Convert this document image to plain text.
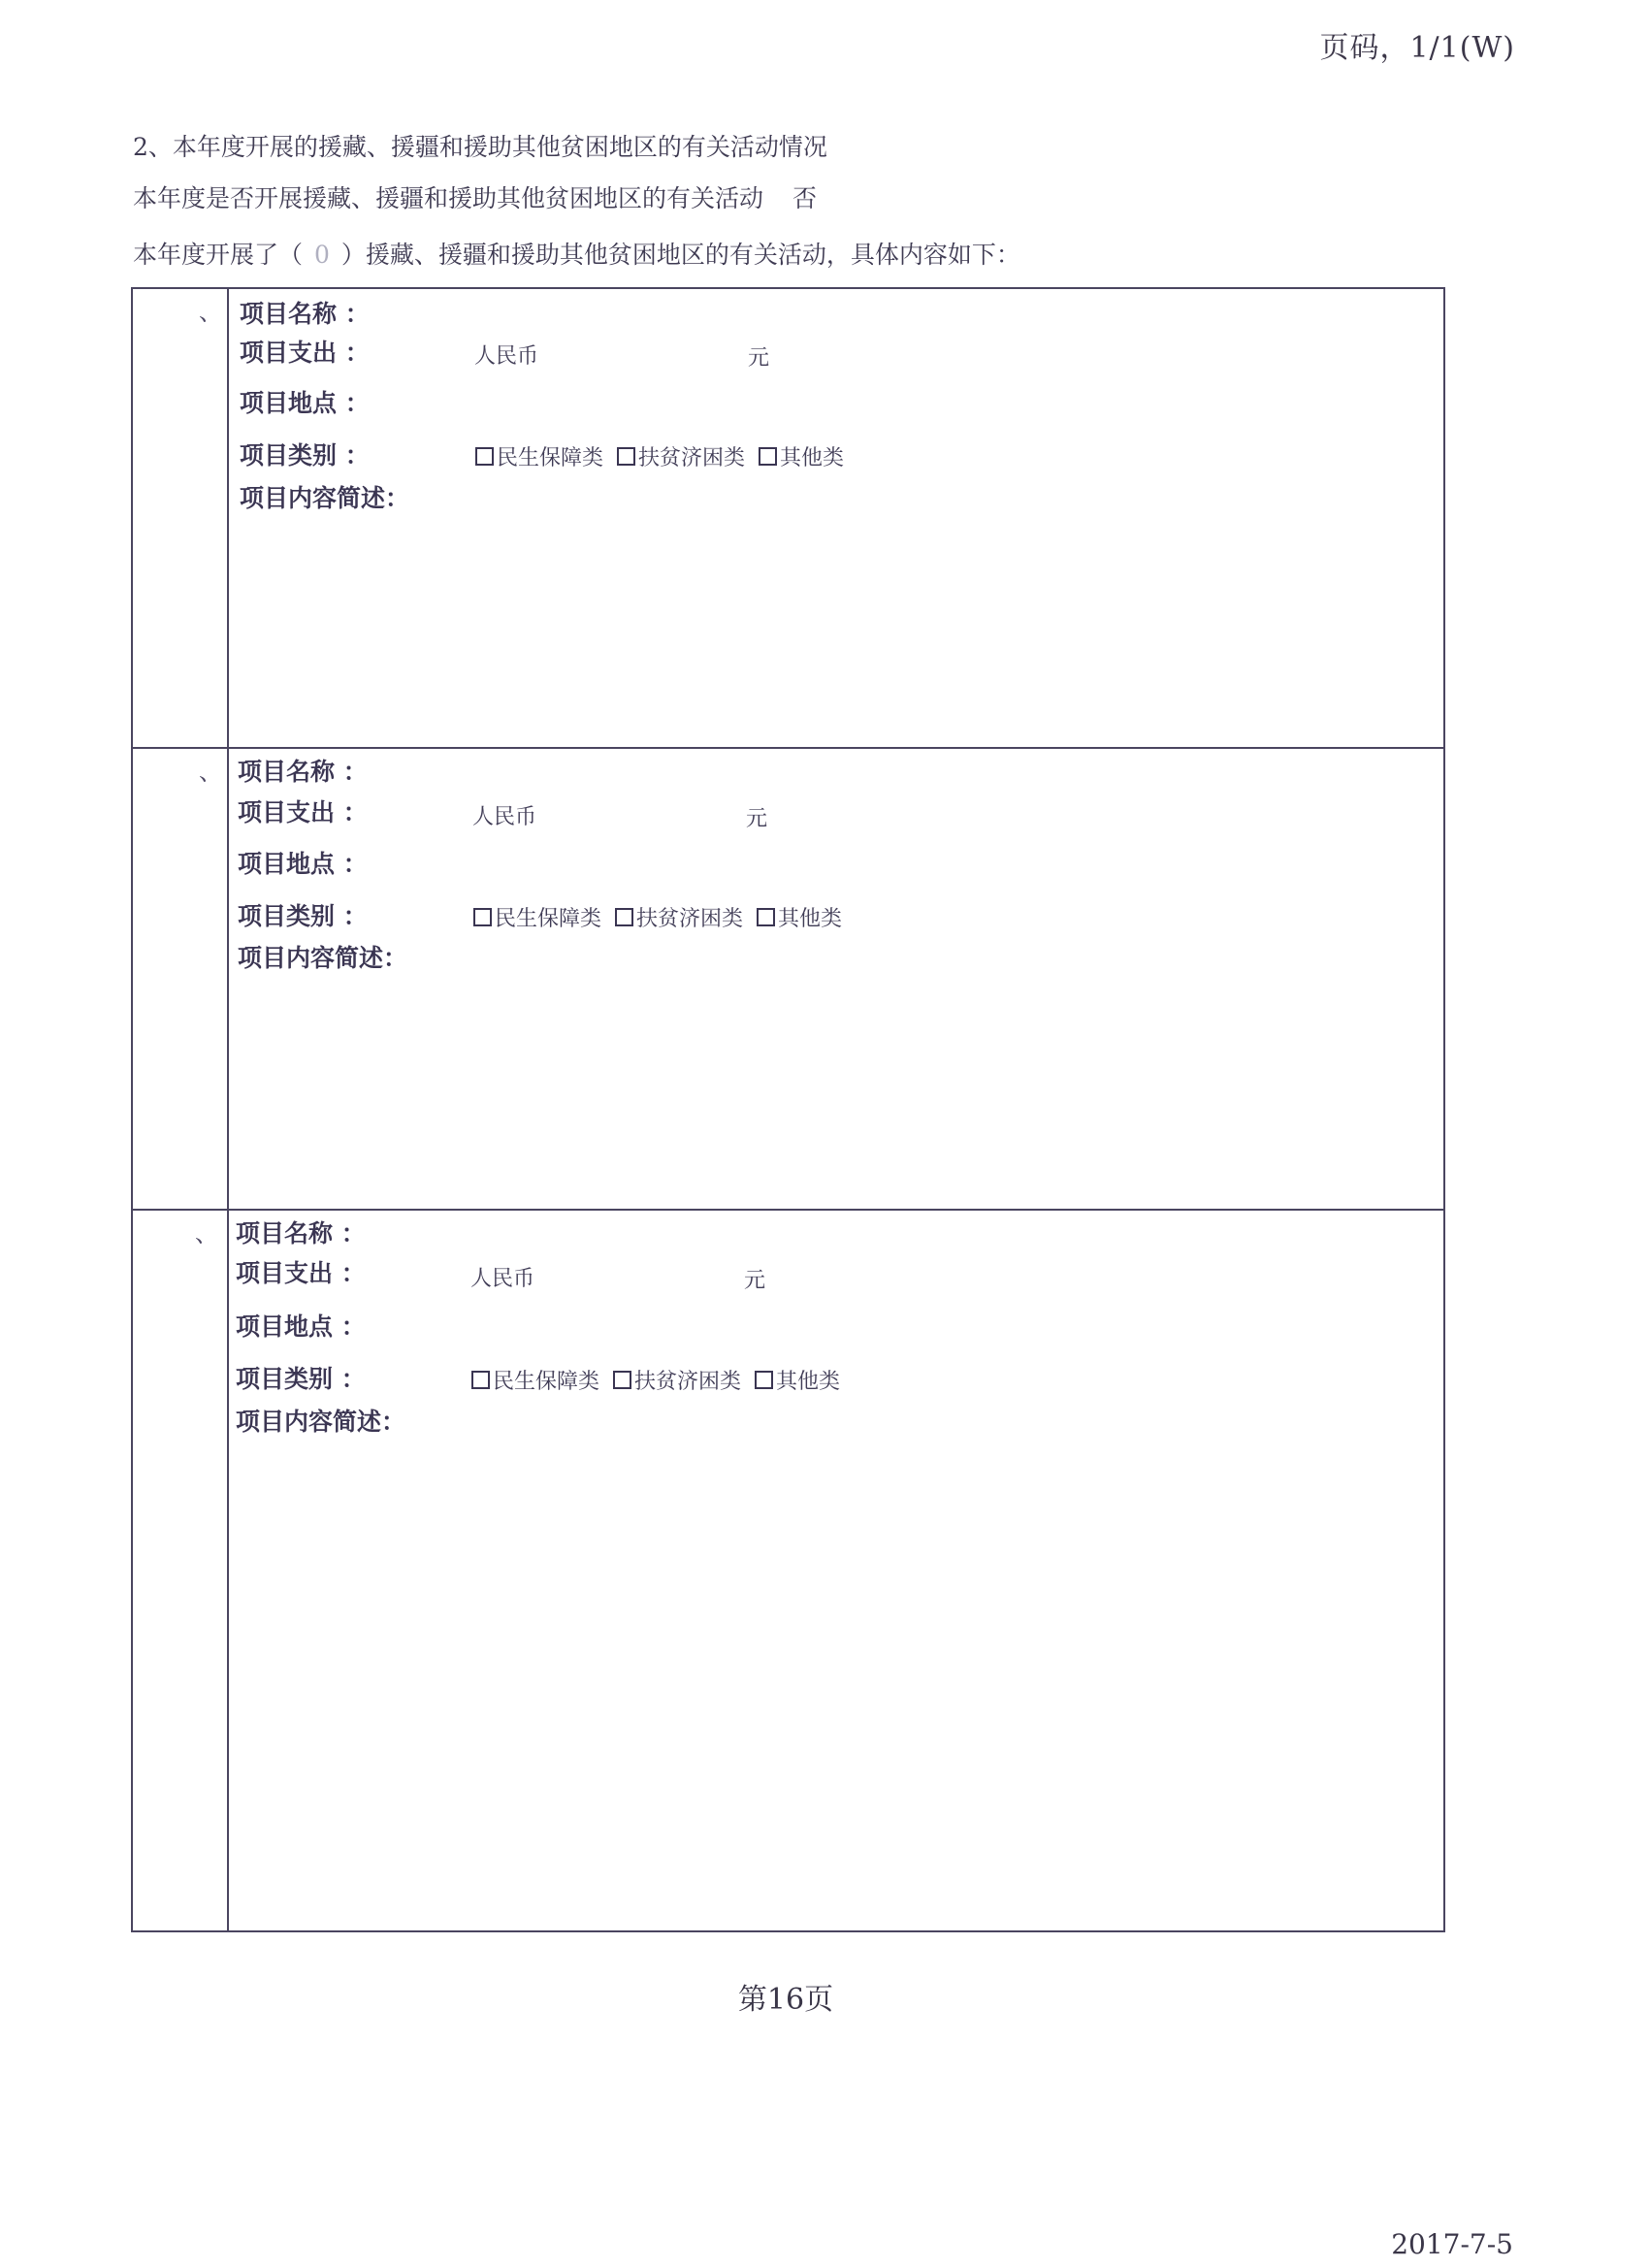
页码，1/1(W)
2、本年度开展的援藏、援疆和援助其他贫困地区的有关活动情况
本年度是否开展援藏、援疆和援助其他贫困地区的有关活动 否
本年度开展了（ 0 ）援藏、援疆和援助其他贫困地区的有关活动，具体内容如下：
、 项目名称 ：
项目支出 ：	人民币	元
项目地点 ：
项目类别 ：	民生保障类 扶贫济困类 其他类
项目内容简述：
、 项目名称 ：
项目支出 ：	人民币	元
项目地点 ：
项目类别 ：	民生保障类 扶贫济困类 其他类
项目内容简述：
、 项目名称 ：
项目支出 ：	人民币	元
项目地点 ：
项目类别 ：	民生保障类 扶贫济困类 其他类
项目内容简述：
第16页
2017-7-5
